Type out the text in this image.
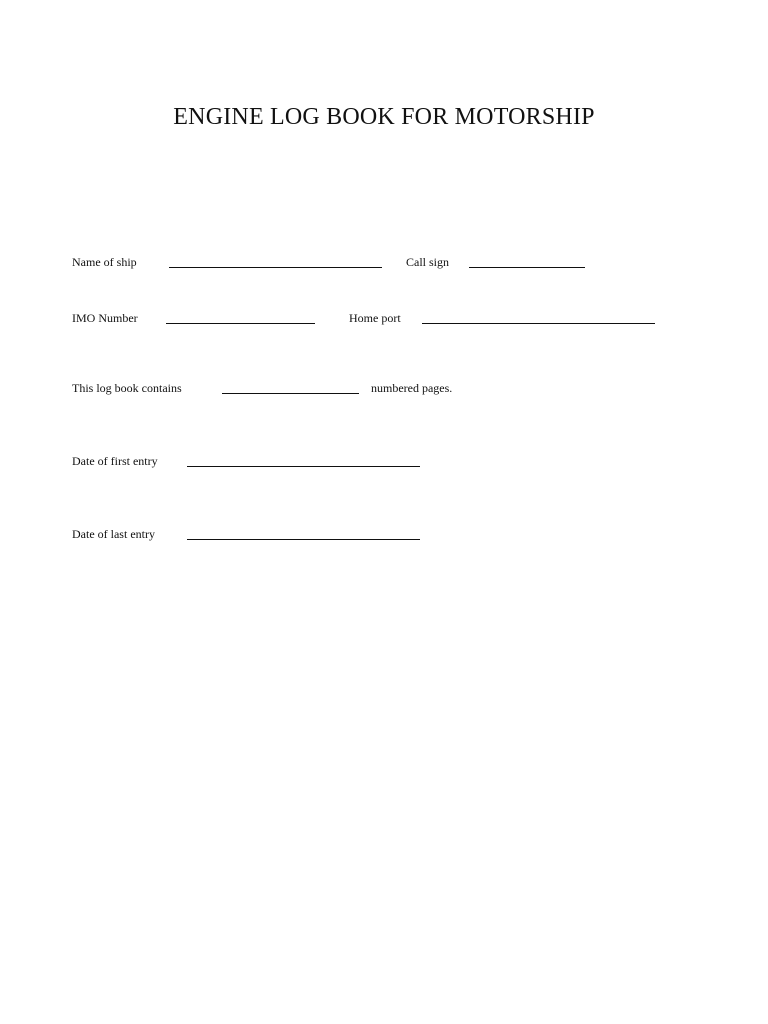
ENGINE LOG BOOK FOR MOTORSHIP
Name of ship	Call sign
IMO Number	Home port
This log book contains	numbered pages.
Date of first entry
Date of last entry
